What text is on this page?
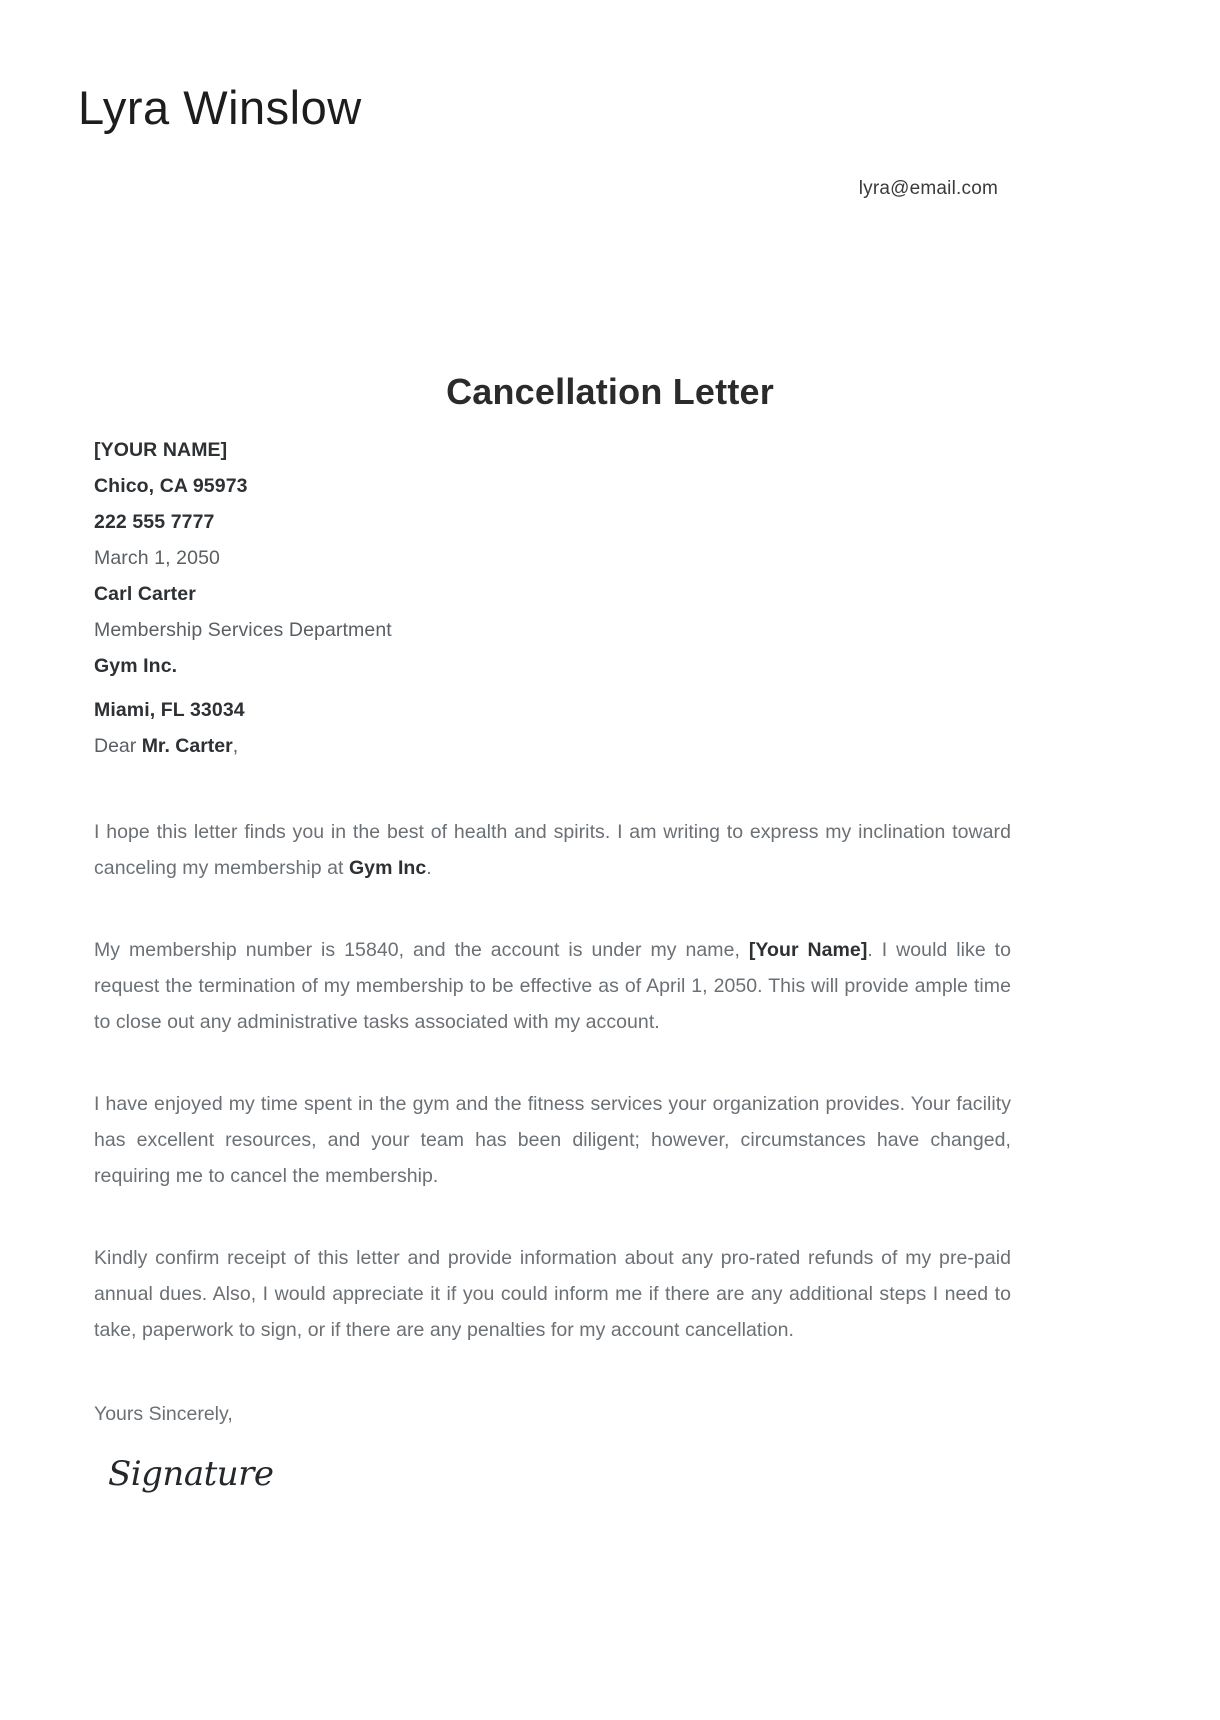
Lyra Winslow
lyra@email.com
Cancellation Letter
[YOUR NAME]
Chico, CA 95973
222 555 7777
March 1, 2050
Carl Carter
Membership Services Department
Gym Inc.
Miami, FL 33034
Dear Mr. Carter,

I hope this letter finds you in the best of health and spirits. I am writing to express my inclination toward canceling my membership at Gym Inc.

My membership number is 15840, and the account is under my name, [Your Name]. I would like to request the termination of my membership to be effective as of April 1, 2050. This will provide ample time to close out any administrative tasks associated with my account.

I have enjoyed my time spent in the gym and the fitness services your organization provides. Your facility has excellent resources, and your team has been diligent; however, circumstances have changed, requiring me to cancel the membership.

Kindly confirm receipt of this letter and provide information about any pro-rated refunds of my pre-paid annual dues. Also, I would appreciate it if you could inform me if there are any additional steps I need to take, paperwork to sign, or if there are any penalties for my account cancellation.

Yours Sincerely,
Signature
